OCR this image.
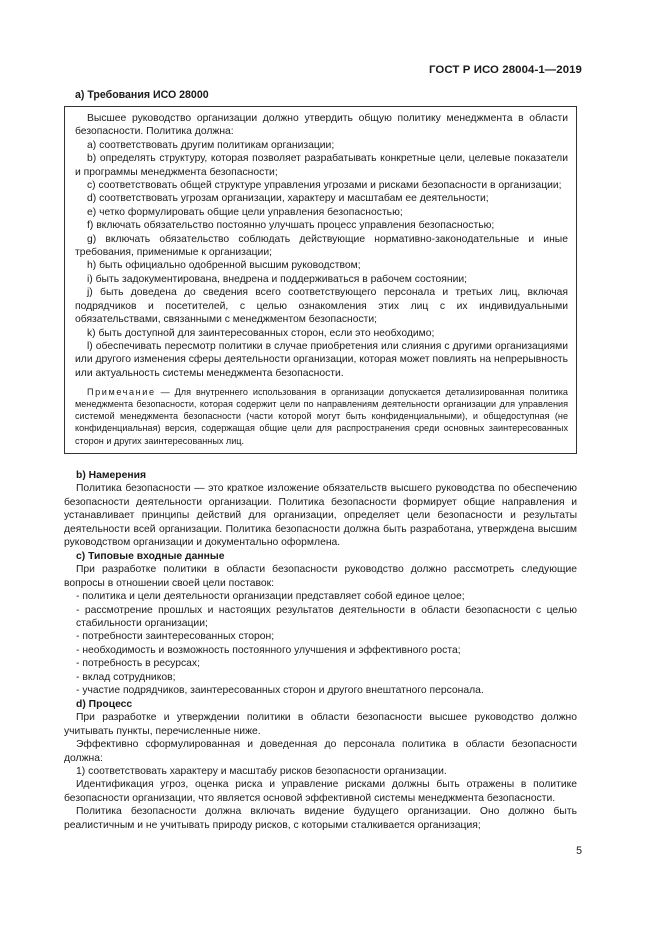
ГОСТ Р ИСО 28004-1—2019
a) Требования ИСО 28000

Высшее руководство организации должно утвердить общую политику менеджмента в области безопасности. Политика должна:

a) соответствовать другим политикам организации;

b) определять структуру, которая позволяет разрабатывать конкретные цели, целевые показатели и программы менеджмента безопасности;

c) соответствовать общей структуре управления угрозами и рисками безопасности в организации;

d) соответствовать угрозам организации, характеру и масштабам ее деятельности;

e) четко формулировать общие цели управления безопасностью;

f) включать обязательство постоянно улучшать процесс управления безопасностью;

g) включать обязательство соблюдать действующие нормативно-законодательные и иные требования, применимые к организации;

h) быть официально одобренной высшим руководством;

i) быть задокументирована, внедрена и поддерживаться в рабочем состоянии;

j) быть доведена до сведения всего соответствующего персонала и третьих лиц, включая подрядчиков и посетителей, с целью ознакомления этих лиц с их индивидуальными обязательствами, связанными с менеджментом безопасности;

k) быть доступной для заинтересованных сторон, если это необходимо;

l) обеспечивать пересмотр политики в случае приобретения или слияния с другими организациями или другого изменения сферы деятельности организации, которая может повлиять на непрерывность или актуальность системы менеджмента безопасности.

Примечание — Для внутреннего использования в организации допускается детализированная политика менеджмента безопасности, которая содержит цели по направлениям деятельности организации для управления системой менеджмента безопасности (части которой могут быть конфиденциальными), и общедоступная (не конфиденциальная) версия, содержащая общие цели для распространения среди основных заинтересованных сторон и других заинтересованных лиц.

b) Намерения

Политика безопасности — это краткое изложение обязательств высшего руководства по обеспечению безопасности деятельности организации. Политика безопасности формирует общие направления и устанавливает принципы действий для организации, определяет цели безопасности и результаты деятельности всей организации. Политика безопасности должна быть разработана, утверждена высшим руководством организации и документально оформлена.

c) Типовые входные данные

При разработке политики в области безопасности руководство должно рассмотреть следующие вопросы в отношении своей цели поставок:

- политика и цели деятельности организации представляет собой единое целое;

- рассмотрение прошлых и настоящих результатов деятельности в области безопасности с целью стабильности организации;

- потребности заинтересованных сторон;

- необходимость и возможность постоянного улучшения и эффективного роста;

- потребность в ресурсах;

- вклад сотрудников;

- участие подрядчиков, заинтересованных сторон и другого внештатного персонала.

d) Процесс

При разработке и утверждении политики в области безопасности высшее руководство должно учитывать пункты, перечисленные ниже.

Эффективно сформулированная и доведенная до персонала политика в области безопасности должна:

1) соответствовать характеру и масштабу рисков безопасности организации.

Идентификация угроз, оценка риска и управление рисками должны быть отражены в политике безопасности организации, что является основой эффективной системы менеджмента безопасности.

Политика безопасности должна включать видение будущего организации. Оно должно быть реалистичным и не учитывать природу рисков, с которыми сталкивается организация;

5
